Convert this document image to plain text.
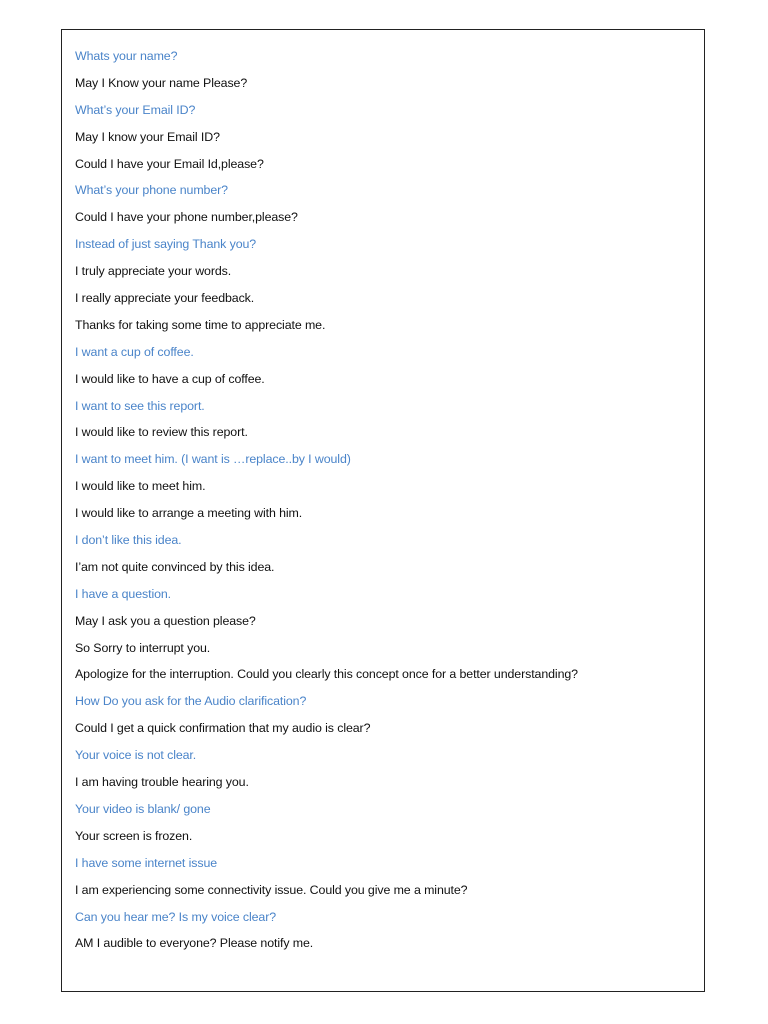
Whats your name?
May I Know your name Please?
What’s your Email ID?
May I know your Email ID?
Could I have your Email Id,please?
What’s your phone number?
Could I have your phone number,please?
Instead of just saying Thank you?
I truly appreciate your words.
I really appreciate your feedback.
Thanks for taking some time to appreciate me.
I want a cup of coffee.
I would like to have a cup of coffee.
I want to see this report.
I would like to review this report.
I want to meet him. (I want is …replace..by I would)
I would like to meet him.
I would like to arrange a meeting with him.
I don’t like this idea.
I’am not quite convinced by this idea.
I have a question.
May I ask you a question please?
So Sorry to interrupt you.
Apologize for the interruption. Could you clearly this concept once for a better understanding?
How Do you ask for the Audio clarification?
Could I get a quick confirmation that my audio is clear?
Your voice is not clear.
I am having trouble hearing you.
Your video is blank/ gone
Your screen is frozen.
I have some internet issue
I am experiencing some connectivity issue. Could you give me a minute?
Can you hear me? Is my voice clear?
AM I audible to everyone? Please notify me.
